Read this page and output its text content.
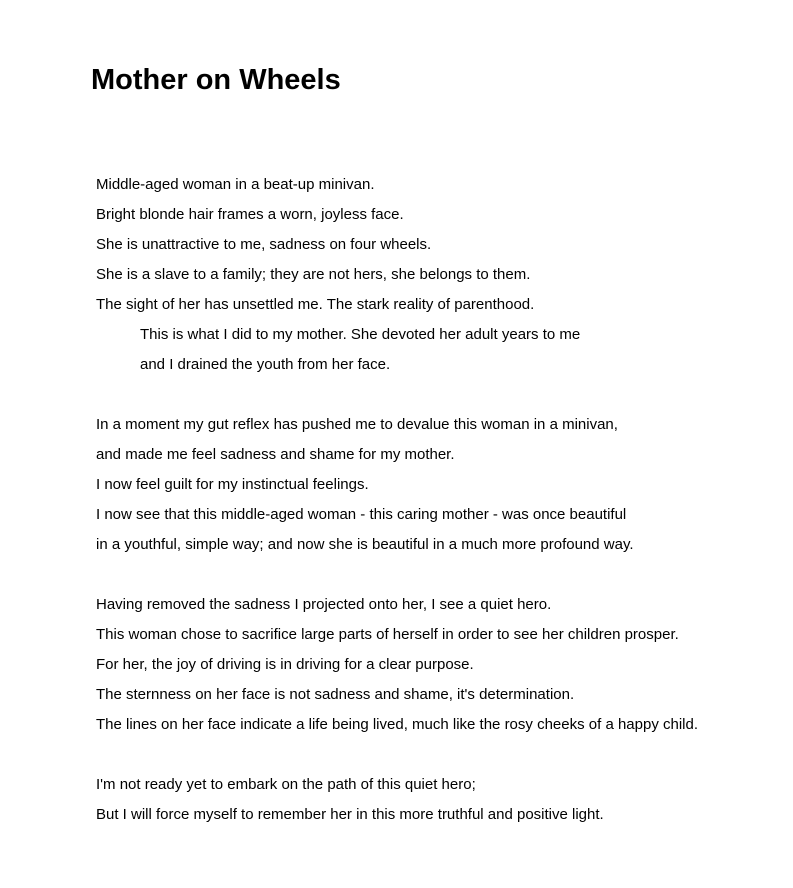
Mother on Wheels
Middle-aged woman in a beat-up minivan.
Bright blonde hair frames a worn, joyless face.
She is unattractive to me, sadness on four wheels.
She is a slave to a family; they are not hers, she belongs to them.
The sight of her has unsettled me. The stark reality of parenthood.
This is what I did to my mother. She devoted her adult years to me
and I drained the youth from her face.
In a moment my gut reflex has pushed me to devalue this woman in a minivan,
and made me feel sadness and shame for my mother.
I now feel guilt for my instinctual feelings.
I now see that this middle-aged woman - this caring mother - was once beautiful
in a youthful, simple way; and now she is beautiful in a much more profound way.
Having removed the sadness I projected onto her, I see a quiet hero.
This woman chose to sacrifice large parts of herself in order to see her children prosper.
For her, the joy of driving is in driving for a clear purpose.
The sternness on her face is not sadness and shame, it's determination.
The lines on her face indicate a life being lived, much like the rosy cheeks of a happy child.
I'm not ready yet to embark on the path of this quiet hero;
But I will force myself to remember her in this more truthful and positive light.
